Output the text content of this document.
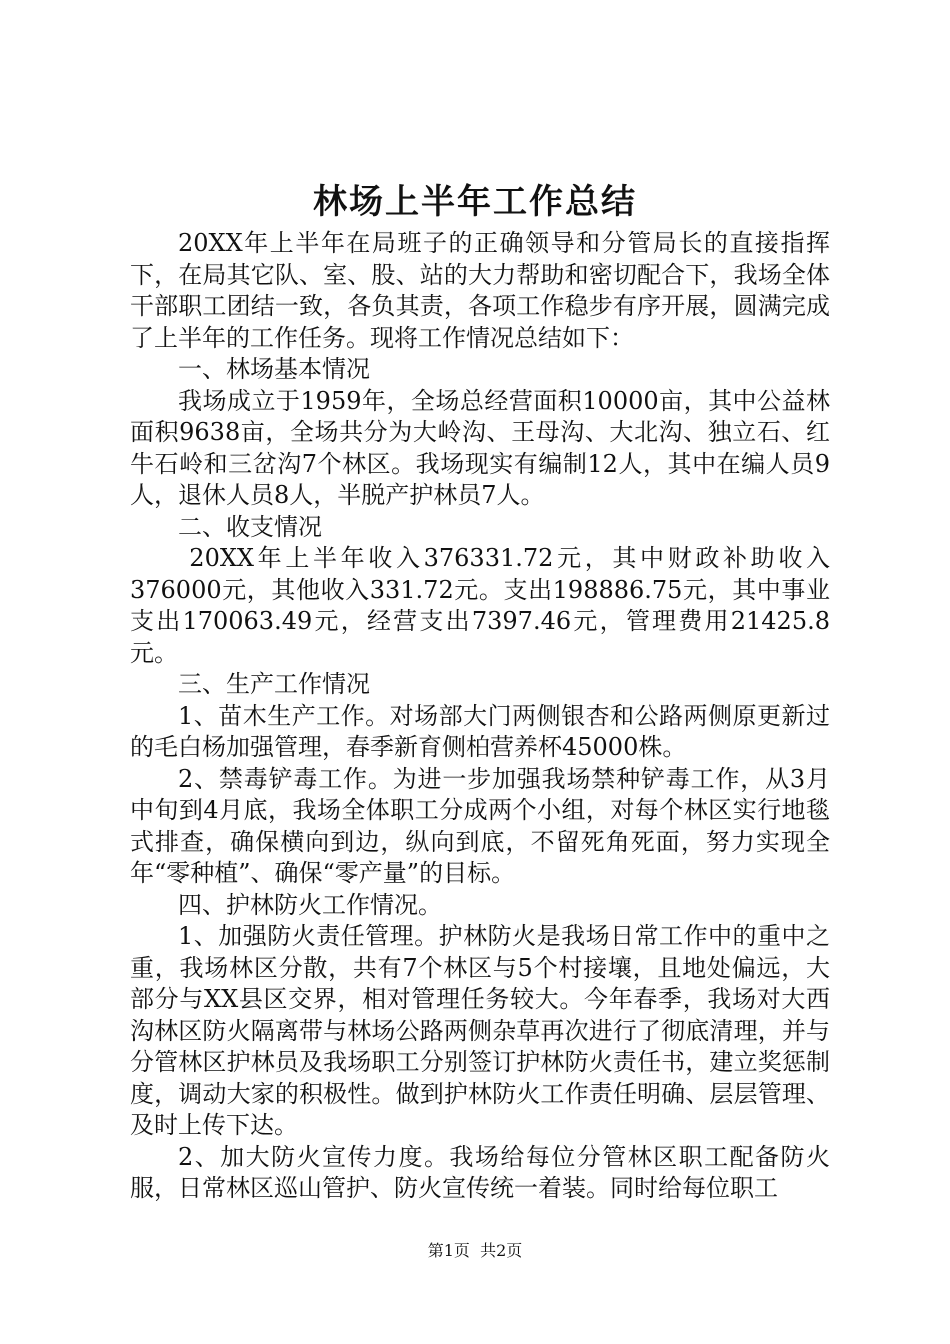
林场上半年工作总结

20XX年上半年在局班子的正确领导和分管局长的直接指挥下，在局其它队、室、股、站的大力帮助和密切配合下，我场全体干部职工团结一致，各负其责，各项工作稳步有序开展，圆满完成了上半年的工作任务。现将工作情况总结如下：

一、林场基本情况

我场成立于1959年，全场总经营面积10000亩，其中公益林面积9638亩，全场共分为大岭沟、王母沟、大北沟、独立石、红牛石岭和三岔沟7个林区。我场现实有编制12人，其中在编人员9人，退休人员8人，半脱产护林员7人。

二、收支情况

20XX年上半年收入376331.72元，其中财政补助收入376000元，其他收入331.72元。支出198886.75元，其中事业支出170063.49元，经营支出7397.46元，管理费用21425.8元。

三、生产工作情况

1、苗木生产工作。对场部大门两侧银杏和公路两侧原更新过的毛白杨加强管理，春季新育侧柏营养杯45000株。

2、禁毒铲毒工作。为进一步加强我场禁种铲毒工作，从3月中旬到4月底，我场全体职工分成两个小组，对每个林区实行地毯式排查，确保横向到边，纵向到底，不留死角死面，努力实现全年“零种植”、确保“零产量”的目标。

四、护林防火工作情况。

1、加强防火责任管理。护林防火是我场日常工作中的重中之重，我场林区分散，共有7个林区与5个村接壤，且地处偏远，大部分与XX县区交界，相对管理任务较大。今年春季，我场对大西沟林区防火隔离带与林场公路两侧杂草再次进行了彻底清理，并与分管林区护林员及我场职工分别签订护林防火责任书，建立奖惩制度，调动大家的积极性。做到护林防火工作责任明确、层层管理、及时上传下达。

2、加大防火宣传力度。我场给每位分管林区职工配备防火服，日常林区巡山管护、防火宣传统一着装。同时给每位职工

第1页  共2页
